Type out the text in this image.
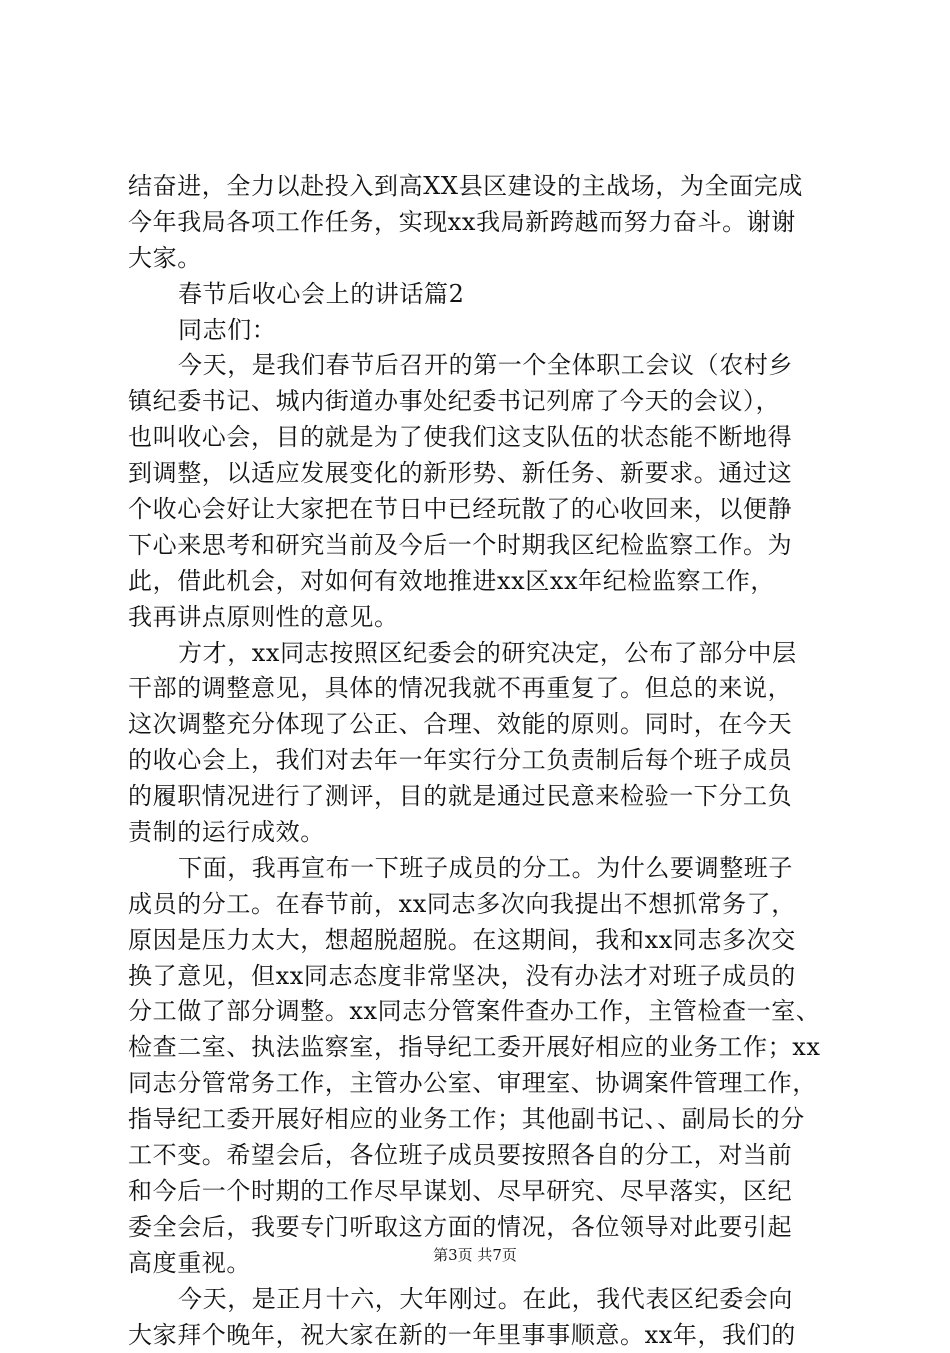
结奋进，全力以赴投入到高XX县区建设的主战场，为全面完成
今年我局各项工作任务，实现xx我局新跨越而努力奋斗。谢谢
大家。
春节后收心会上的讲话篇2
同志们：
今天，是我们春节后召开的第一个全体职工会议（农村乡
镇纪委书记、城内街道办事处纪委书记列席了今天的会议），
也叫收心会，目的就是为了使我们这支队伍的状态能不断地得
到调整，以适应发展变化的新形势、新任务、新要求。通过这
个收心会好让大家把在节日中已经玩散了的心收回来，以便静
下心来思考和研究当前及今后一个时期我区纪检监察工作。为
此，借此机会，对如何有效地推进xx区xx年纪检监察工作，
我再讲点原则性的意见。
方才，xx同志按照区纪委会的研究决定，公布了部分中层
干部的调整意见，具体的情况我就不再重复了。但总的来说，
这次调整充分体现了公正、合理、效能的原则。同时，在今天
的收心会上，我们对去年一年实行分工负责制后每个班子成员
的履职情况进行了测评，目的就是通过民意来检验一下分工负
责制的运行成效。
下面，我再宣布一下班子成员的分工。为什么要调整班子
成员的分工。在春节前，xx同志多次向我提出不想抓常务了，
原因是压力太大，想超脱超脱。在这期间，我和xx同志多次交
换了意见，但xx同志态度非常坚决，没有办法才对班子成员的
分工做了部分调整。xx同志分管案件查办工作，主管检查一室、
检查二室、执法监察室，指导纪工委开展好相应的业务工作；xx
同志分管常务工作，主管办公室、审理室、协调案件管理工作，
指导纪工委开展好相应的业务工作；其他副书记、、副局长的分
工不变。希望会后，各位班子成员要按照各自的分工，对当前
和今后一个时期的工作尽早谋划、尽早研究、尽早落实，区纪
委全会后，我要专门听取这方面的情况，各位领导对此要引起
高度重视。
今天，是正月十六，大年刚过。在此，我代表区纪委会向
大家拜个晚年，祝大家在新的一年里事事顺意。xx年，我们的
第3页 共7页
